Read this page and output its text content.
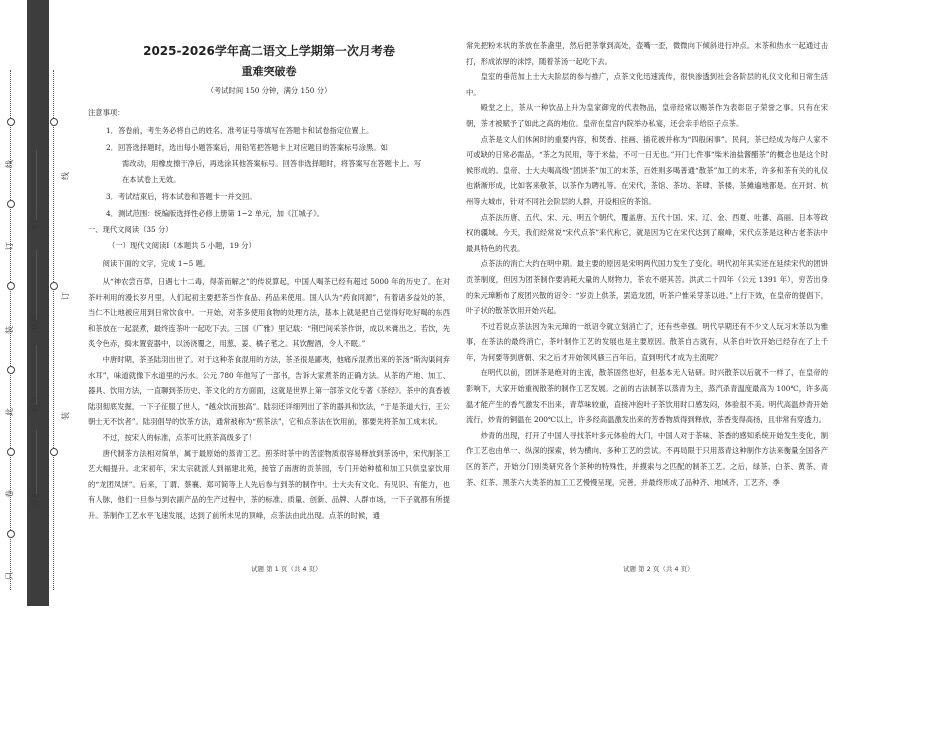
线
订
装
此
卷
只
线
订
装
考号：
班级：
姓名：
学校：
2025-2026学年高二语文上学期第一次月考卷
重难突破卷
（考试时间 150 分钟，满分 150 分）
注意事项：

1．答卷前，考生务必将自己的姓名、准考证号等填写在答题卡和试卷指定位置上。

2．回答选择题时，选出每小题答案后，用铅笔把答题卡上对应题目的答案标号涂黑。如

需改动，用橡皮擦干净后，再选涂其他答案标号。回答非选择题时，将答案写在答题卡上。写

在本试卷上无效。

3．考试结束后，将本试卷和答题卡一并交回。

4．测试范围：统编版选择性必修上册第 1~2 单元，加《江城子》。

一、现代文阅读（35 分）

（一）现代文阅读Ⅰ（本题共 5 小题，19 分）

阅读下面的文字，完成 1~5 题。

从“神农尝百草，日遇七十二毒，得荼而解之”的传说算起，中国人喝茶已经有超过 5000 年的历史了。在对茶叶利用的漫长岁月里，人们起初主要把茶当作食品、药品来使用。国人认为“药食同源”，有着诸多益处的茶，当仁不让地被应用到日常饮食中。一开始，对茶多使用食物的处理方法，基本上就是把自己觉得好吃好喝的东西和茶放在一起混煮，最终连茶叶一起吃下去。三国《广雅》里记载：“荆巴间采茶作饼，成以米膏出之。若饮，先炙令色赤，捣末置瓷器中，以汤浇覆之，用葱、姜、橘子芼之。其饮醒酒，令人不眠。”

中唐时期，茶圣陆羽出世了。对于这种茶食混用的方法，茶圣很是鄙夷，他痛斥混煮出来的茶汤“斯沟渠间弃水耳”，味道就像下水道里的污水。公元 780 年他写了一部书，告诉大家煮茶的正确方法。从茶的产地、加工、器具、饮用方法，一直聊到茶历史、茶文化的方方面面，这就是世界上第一部茶文化专著《茶经》。茶中的真香被陆羽彻底发掘，一下子征服了世人，“越众饮而独高”。陆羽还详细列出了茶的器具和饮法，“于是茶道大行，王公朝士无不饮者”。陆羽倡导的饮茶方法，通常被称为“煎茶法”，它和点茶法在饮用前，都要先将茶加工成末状。

不过，按宋人的标准，点茶可比煎茶高级多了！

唐代制茶方法相对简单，属于最原始的蒸青工艺。煎茶时茶中的苦涩物质很容易释放到茶汤中，宋代制茶工艺大幅提升。北宋初年，宋太宗就派人到福建北苑，接管了南唐的贡茶园，专门开始种植和加工只供皇家饮用的“龙团凤饼”。后来，丁谓、蔡襄、郑可简等上人先后参与到茶的制作中。士大夫有文化、有见识、有能力，也有人脉，他们一旦参与到农副产品的生产过程中，茶的标准、质量、创新、品牌、人群市场，一下子就都有所提升。茶制作工艺水平飞速发展，达到了前所未见的顶峰，点茶法由此出现。点茶的时候，通

常先把粉末状的茶放在茶盏里，然后把茶掌到高处，壶嘴一歪，微微向下倾斜进行冲点。末茶和热水一起通过击打，形成浓厚的沫饽，随着茶汤一起吃下去。

皇室的垂范加上士大夫阶层的参与推广，点茶文化迅速流传，很快渗透到社会各阶层的礼仪文化和日常生活中。

殿堂之上，茶从一种饮品上升为皇家御宠的代表物品，皇帝经常以赐茶作为表彰臣子荣誉之事。只有在宋朝，茶才被赋予了如此之高的地位。皇帝在皇宫内院举办私宴，还会亲手给臣子点茶。

点茶是文人们休闲时的重要内容，和焚香、挂画、插花被并称为“四般闲事”。民间，茶已经成为每户人家不可或缺的日常必需品，“茶之为民用，等于米盐，不可一日无也。”开门七件事“柴米油盐酱醋茶”的概念也是这个时候形成的。皇帝、士大夫喝高级“团饼茶”加工的末茶，百姓则多喝普通“散茶”加工的末茶，许多和茶有关的礼仪也渐渐形成，比如客来敬茶，以茶作为聘礼等。在宋代，茶馆、茶坊、茶肆、茶楼、茶摊遍地都是。在开封、杭州等大城市，针对不同社会阶层的人群，开设相应的茶馆。

点茶法历唐、五代、宋、元、明五个朝代，覆盖唐、五代十国、宋、辽、金、西夏、吐蕃、高丽、日本等政权的疆域。今天，我们经常说“宋代点茶”来代称它，就是因为它在宋代达到了巅峰，宋代点茶是这种古老茶法中最具特色的代表。

点茶法的消亡大约在明中期。最主要的原因是宋明两代国力发生了变化。明代初年其实还在延续宋代的团饼贡茶制度，但因为团茶制作要消耗大量的人财物力，茶农不堪其苦。洪武二十四年（公元 1391 年），穷苦出身的朱元璋断布了废团兴散的诏令：“岁贡上供茶，罢造龙团，听茶户惟采芽茶以进。”上行下效，在皇帝的提倡下，叶子状的散茶饮用开始兴起。

不过若说点茶法因为朱元璋的一纸诏令就立刻消亡了，还有些牵强。明代早期还有不少文人玩习末茶以为雅事，在茶法的最终消亡，茶叶制作工艺的发展也是主要原因。散茶自古就有，从茶自叶饮开始已经存在了上千年，为何要等到唐朝、宋之后才开始领风骚三百年后，直到明代才成为主流呢？

在明代以前，团饼茶是绝对的主流，散茶固然也好，但基本无人钻研。时兴散茶以后就不一样了，在皇帝的影响下，大家开始重视散茶的制作工艺发展。之前的古法制茶以蒸青为主，蒸汽杀青温度最高为 100℃，许多高温才能产生的香气激发不出来，青草味较重，直接冲泡叶子茶饮用时口感发闷，体验很不美。明代高温炒青开始流行，炒青的铜温在 200℃以上，许多经高温激发出来的芳香物质得到释放，茶香变得高扬，且非常有穿透力。

炒青的出现，打开了中国人寻找茶叶多元体验的大门，中国人对于茶味、茶香的感知系统开始发生变化，制作工艺也由单一、纵深的探索，转为横向、多种工艺的尝试。不再局限于只用蒸青这种制作方法来衡量全国各产区的茶产，开始分门别类研究各个茶种的特殊性，并摸索与之匹配的制茶工艺。之后，绿茶、白茶、黄茶、青茶、红茶、黑茶六大类茶的加工工艺慢慢呈现，完善，并最终形成了品种齐、地域齐、工艺齐、季

试题 第 1 页（共 4 页）	试题 第 2 页（共 4 页）
